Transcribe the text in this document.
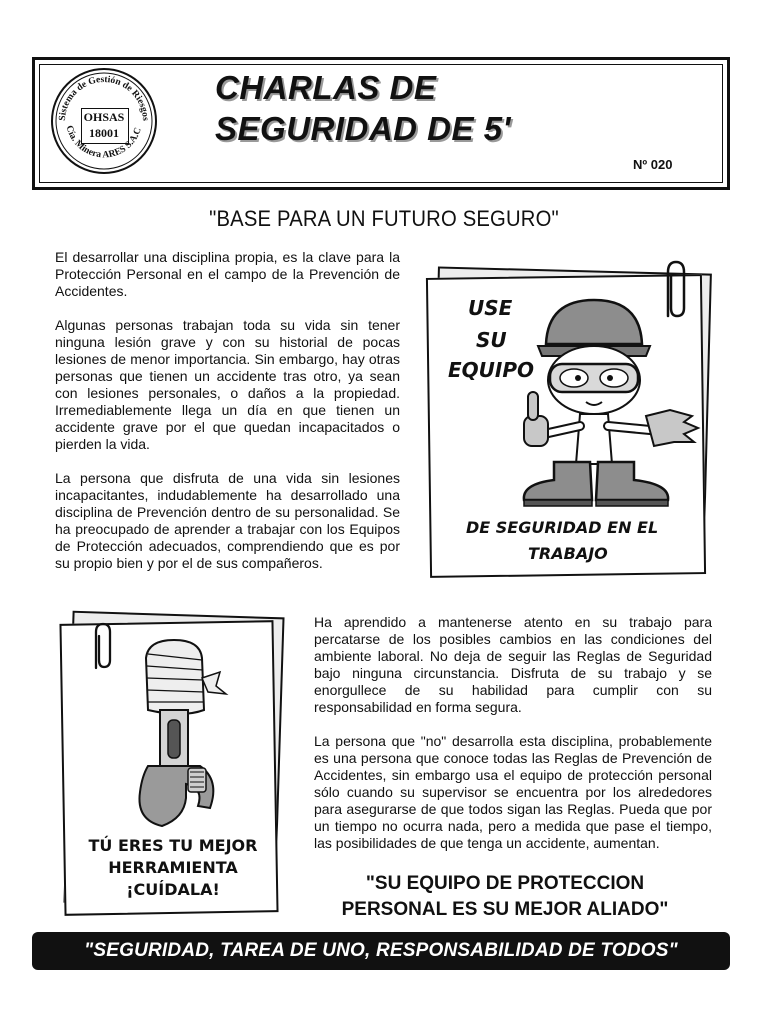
Sistema de Gestión de Riesgos
Cía. Minera ARES S.A.C
OHSAS
18001
CHARLAS DE
SEGURIDAD DE 5'
Nº 020
"BASE PARA UN FUTURO SEGURO"

El desarrollar una disciplina propia, es la clave para la Protección Personal en el campo de la Prevención de Accidentes.

Algunas personas trabajan toda su vida sin tener ninguna lesión grave y con su historial de pocas lesiones de menor importancia. Sin embargo, hay otras personas que tienen un accidente tras otro, ya sean con lesiones personales, o daños a la propiedad. Irremediablemente llega un día en que tienen un accidente grave por el que quedan incapacitados o pierden la vida.

La persona que disfruta de una vida sin lesiones incapacitantes, indudablemente ha desarrollado una disciplina de Prevención dentro de su personalidad. Se ha preocupado de aprender a trabajar con los Equipos de Protección adecuados, comprendiendo que es por su propio bien y por el de sus compañeros.

USE
SU
EQUIPO
DE SEGURIDAD EN EL
TRABAJO
TÚ ERES TU MEJOR
HERRAMIENTA
¡CUÍDALA!

Ha aprendido a mantenerse atento en su trabajo para percatarse de los posibles cambios en las condiciones del ambiente laboral. No deja de seguir las Reglas de Seguridad bajo ninguna circunstancia. Disfruta de su trabajo y se enorgullece de su habilidad para cumplir con su responsabilidad en forma segura.

La persona que "no" desarrolla esta disciplina, probablemente es una persona que conoce todas las Reglas de Prevención de Accidentes, sin embargo usa el equipo de protección personal sólo cuando su supervisor se encuentra por los alrededores para asegurarse de que todos sigan las Reglas. Pueda que por un tiempo no ocurra nada, pero a medida que pase el tiempo, las posibilidades de que tenga un accidente, aumentan.

"SU EQUIPO DE PROTECCION
PERSONAL ES SU MEJOR ALIADO"
"SEGURIDAD, TAREA DE UNO, RESPONSABILIDAD DE TODOS"
